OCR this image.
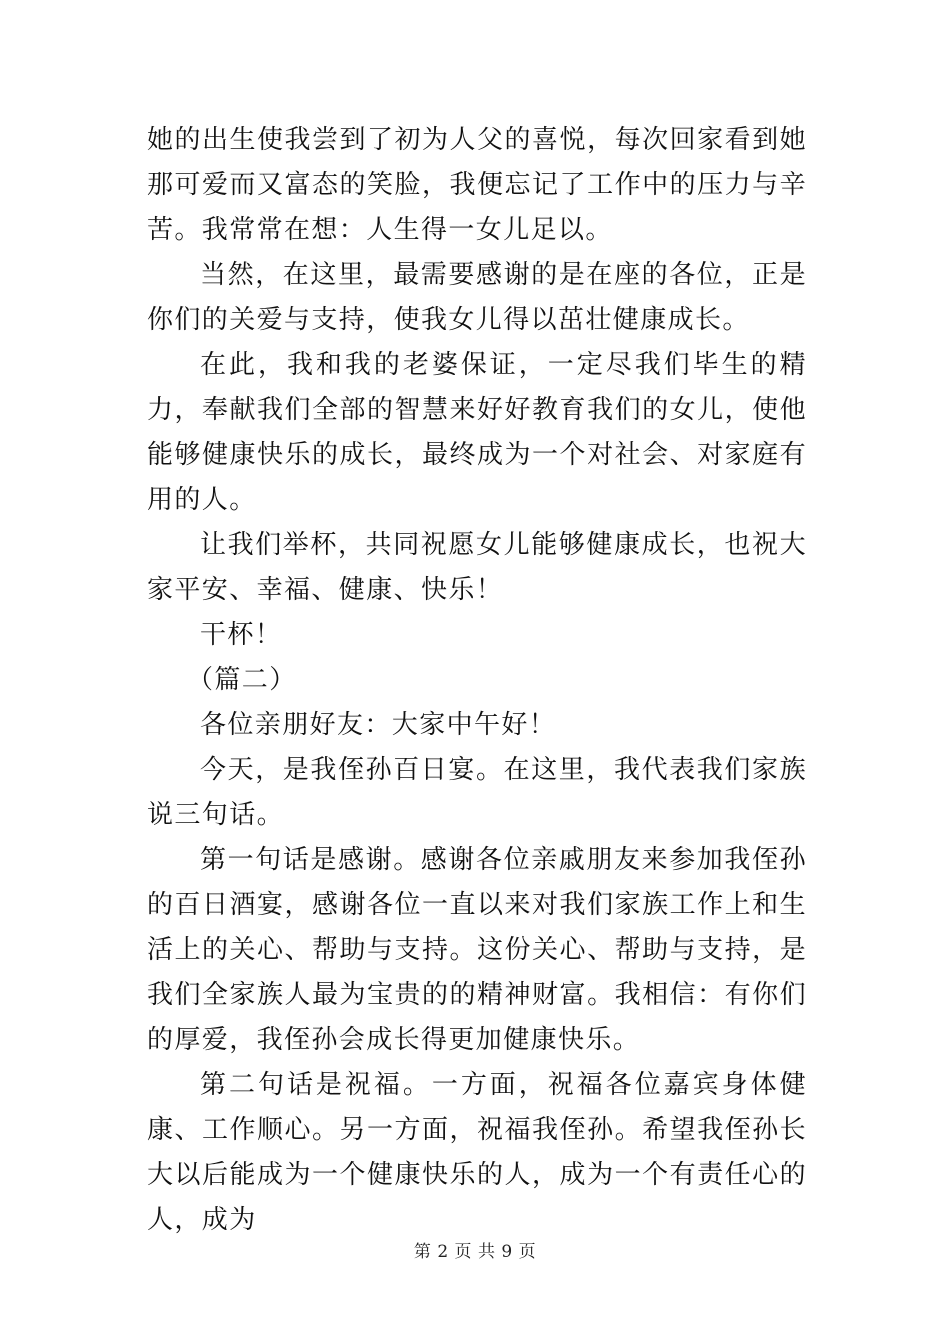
她的出生使我尝到了初为人父的喜悦，每次回家看到她那可爱而又富态的笑脸，我便忘记了工作中的压力与辛苦。我常常在想：人生得一女儿足以。

当然，在这里，最需要感谢的是在座的各位，正是你们的关爱与支持，使我女儿得以茁壮健康成长。

在此，我和我的老婆保证，一定尽我们毕生的精力，奉献我们全部的智慧来好好教育我们的女儿，使他能够健康快乐的成长，最终成为一个对社会、对家庭有用的人。

让我们举杯，共同祝愿女儿能够健康成长，也祝大家平安、幸福、健康、快乐！

干杯！

（篇二）

各位亲朋好友：大家中午好！

今天，是我侄孙百日宴。在这里，我代表我们家族说三句话。

第一句话是感谢。感谢各位亲戚朋友来参加我侄孙的百日酒宴，感谢各位一直以来对我们家族工作上和生活上的关心、帮助与支持。这份关心、帮助与支持，是我们全家族人最为宝贵的的精神财富。我相信：有你们的厚爱，我侄孙会成长得更加健康快乐。

第二句话是祝福。一方面，祝福各位嘉宾身体健康、工作顺心。另一方面，祝福我侄孙。希望我侄孙长大以后能成为一个健康快乐的人，成为一个有责任心的人，成为

第 2 页 共 9 页
